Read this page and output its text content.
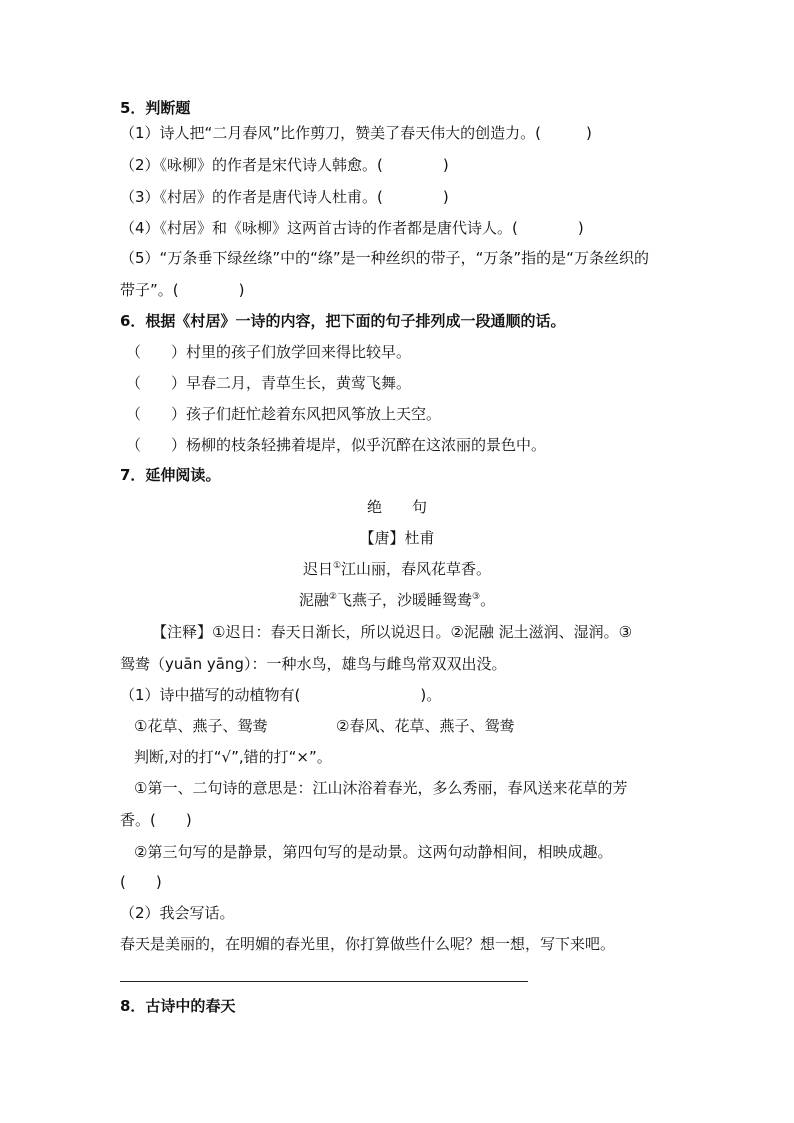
5．判断题
（1）诗人把“二月春风”比作剪刀，赞美了春天伟大的创造力。(　　　)
（2）《咏柳》的作者是宋代诗人韩愈。(　　　　)
（3）《村居》的作者是唐代诗人杜甫。(　　　　)
（4）《村居》和《咏柳》这两首古诗的作者都是唐代诗人。(　　　　)
（5）“万条垂下绿丝绦”中的“绦”是一种丝织的带子，“万条”指的是“万条丝织的
带子”。(　　　　)
6．根据《村居》一诗的内容，把下面的句子排列成一段通顺的话。
（　　）村里的孩子们放学回来得比较早。
（　　）早春二月，青草生长，黄莺飞舞。
（　　）孩子们赶忙趁着东风把风筝放上天空。
（　　）杨柳的枝条轻拂着堤岸，似乎沉醉在这浓丽的景色中。
7．延伸阅读。
绝　　句
【唐】杜甫
迟日①江山丽，春风花草香。
泥融②飞燕子，沙暖睡鸳鸯③。
【注释】①迟日：春天日渐长，所以说迟日。②泥融 泥土滋润、湿润。③
鸳鸯（yuān yāng）：一种水鸟，雄鸟与雌鸟常双双出没。
（1）诗中描写的动植物有(　　　　　　　　)。
①花草、燕子、鸳鸯	②春风、花草、燕子、鸳鸯
判断,对的打“√”,错的打“×”。
①第一、二句诗的意思是：江山沐浴着春光，多么秀丽，春风送来花草的芳
香。(　　)
②第三句写的是静景，第四句写的是动景。这两句动静相间，相映成趣。
(　　)
（2）我会写话。
春天是美丽的，在明媚的春光里，你打算做些什么呢？想一想，写下来吧。
8．古诗中的春天
